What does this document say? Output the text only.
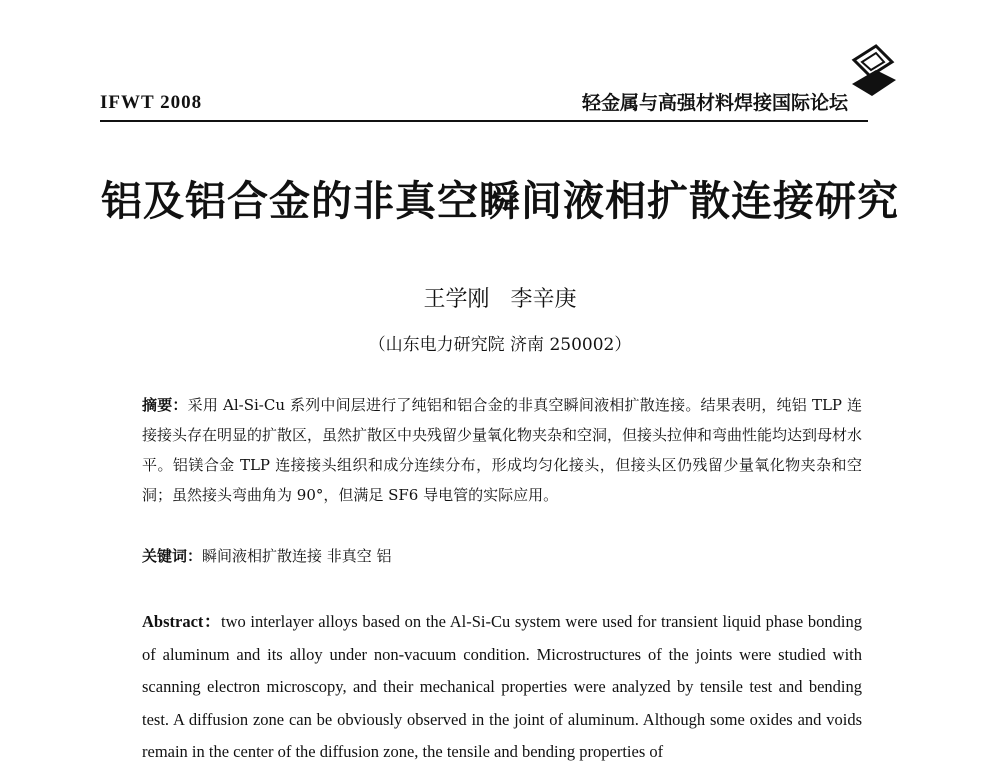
IFWT 2008	轻金属与高强材料焊接国际论坛
铝及铝合金的非真空瞬间液相扩散连接研究
王学刚 李辛庚
（山东电力研究院 济南 250002）
摘要：采用 Al-Si-Cu 系列中间层进行了纯铝和铝合金的非真空瞬间液相扩散连接。结果表明，纯铝 TLP 连接接头存在明显的扩散区，虽然扩散区中央残留少量氧化物夹杂和空洞，但接头拉伸和弯曲性能均达到母材水平。铝镁合金 TLP 连接接头组织和成分连续分布，形成均匀化接头，但接头区仍残留少量氧化物夹杂和空洞；虽然接头弯曲角为 90°，但满足 SF6 导电管的实际应用。
关键词：瞬间液相扩散连接 非真空 铝
Abstract：two interlayer alloys based on the Al-Si-Cu system were used for transient liquid phase bonding of aluminum and its alloy under non-vacuum condition. Microstructures of the joints were studied with scanning electron microscopy, and their mechanical properties were analyzed by tensile test and bending test. A diffusion zone can be obviously observed in the joint of aluminum. Although some oxides and voids remain in the center of the diffusion zone, the tensile and bending properties of
